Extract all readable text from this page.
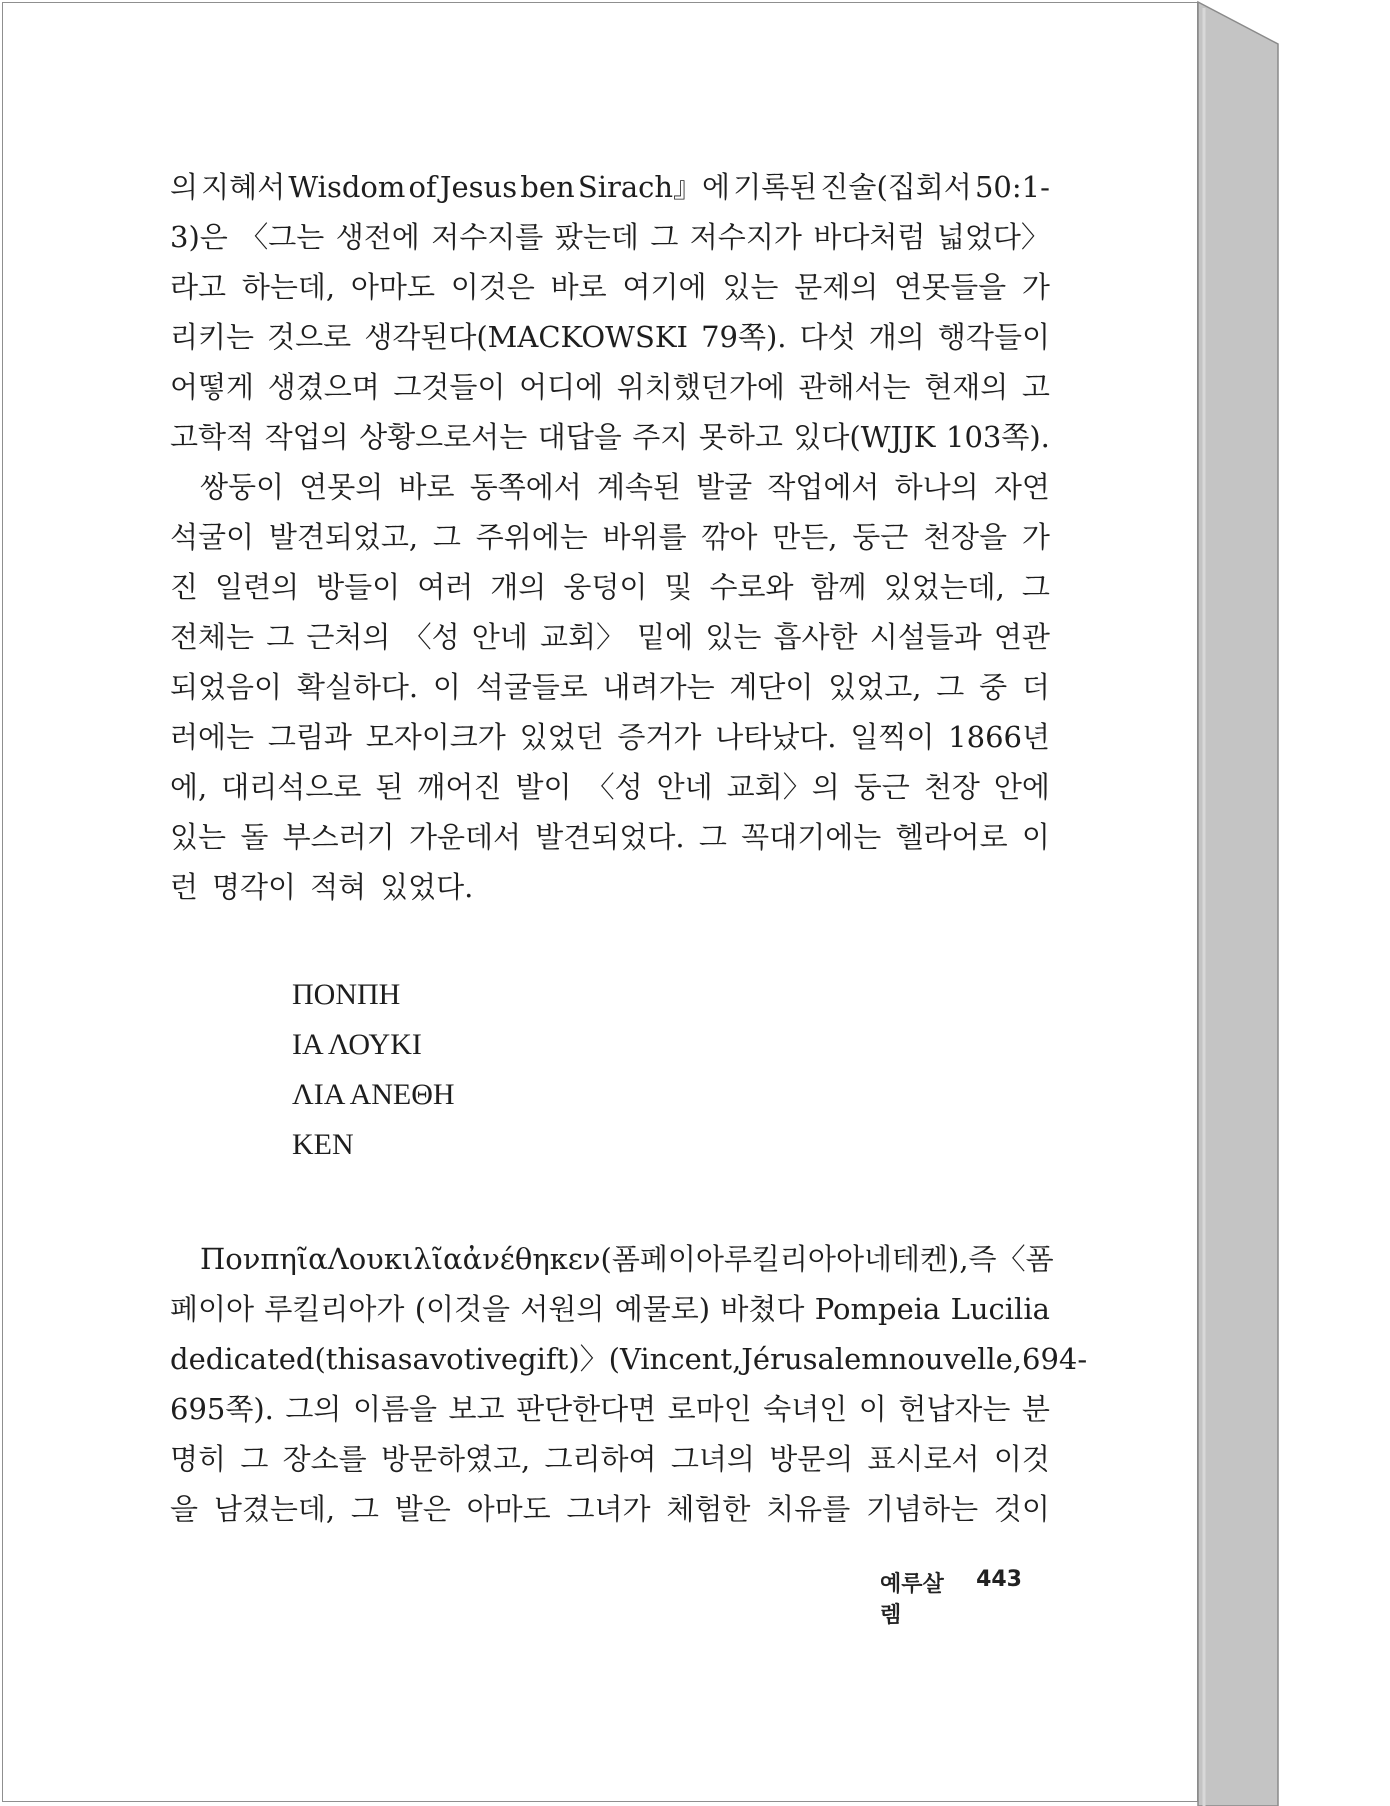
의 지혜서 Wisdom of Jesus ben Sirach』에 기록된 진술(집회서 50:1-
3)은 〈그는 생전에 저수지를 팠는데 그 저수지가 바다처럼 넓었다〉
라고 하는데, 아마도 이것은 바로 여기에 있는 문제의 연못들을 가
리키는 것으로 생각된다(MACKOWSKI 79쪽). 다섯 개의 행각들이
어떻게 생겼으며 그것들이 어디에 위치했던가에 관해서는 현재의 고
고학적 작업의 상황으로서는 대답을 주지 못하고 있다(WJJK 103쪽).
쌍둥이 연못의 바로 동쪽에서 계속된 발굴 작업에서 하나의 자연
석굴이 발견되었고, 그 주위에는 바위를 깎아 만든, 둥근 천장을 가
진 일련의 방들이 여러 개의 웅덩이 및 수로와 함께 있었는데, 그
전체는 그 근처의 〈성 안네 교회〉 밑에 있는 흡사한 시설들과 연관
되었음이 확실하다. 이 석굴들로 내려가는 계단이 있었고, 그 중 더
러에는 그림과 모자이크가 있었던 증거가 나타났다. 일찍이 1866년
에, 대리석으로 된 깨어진 발이 〈성 안네 교회〉의 둥근 천장 안에
있는 돌 부스러기 가운데서 발견되었다. 그 꼭대기에는 헬라어로 이
런 명각이 적혀 있었다.
ΠΟΝΠΗ
ΙΑ ΛΟΥΚΙ
ΛΙΑ ΑΝΕΘΗ
ΚΕΝ
Πονπηῖα Λουκιλῖα ἀνέθηκεν (폼페이아 루킬리아 아네테켄), 즉 〈폼
페이아 루킬리아가 (이것을 서원의 예물로) 바쳤다 Pompeia Lucilia
dedicated (this as a votive gift)〉(Vincent, Jérusalem nouvelle, 694-
695쪽). 그의 이름을 보고 판단한다면 로마인 숙녀인 이 헌납자는 분
명히 그 장소를 방문하였고, 그리하여 그녀의 방문의 표시로서 이것
을 남겼는데, 그 발은 아마도 그녀가 체험한 치유를 기념하는 것이
예루살렘
443
